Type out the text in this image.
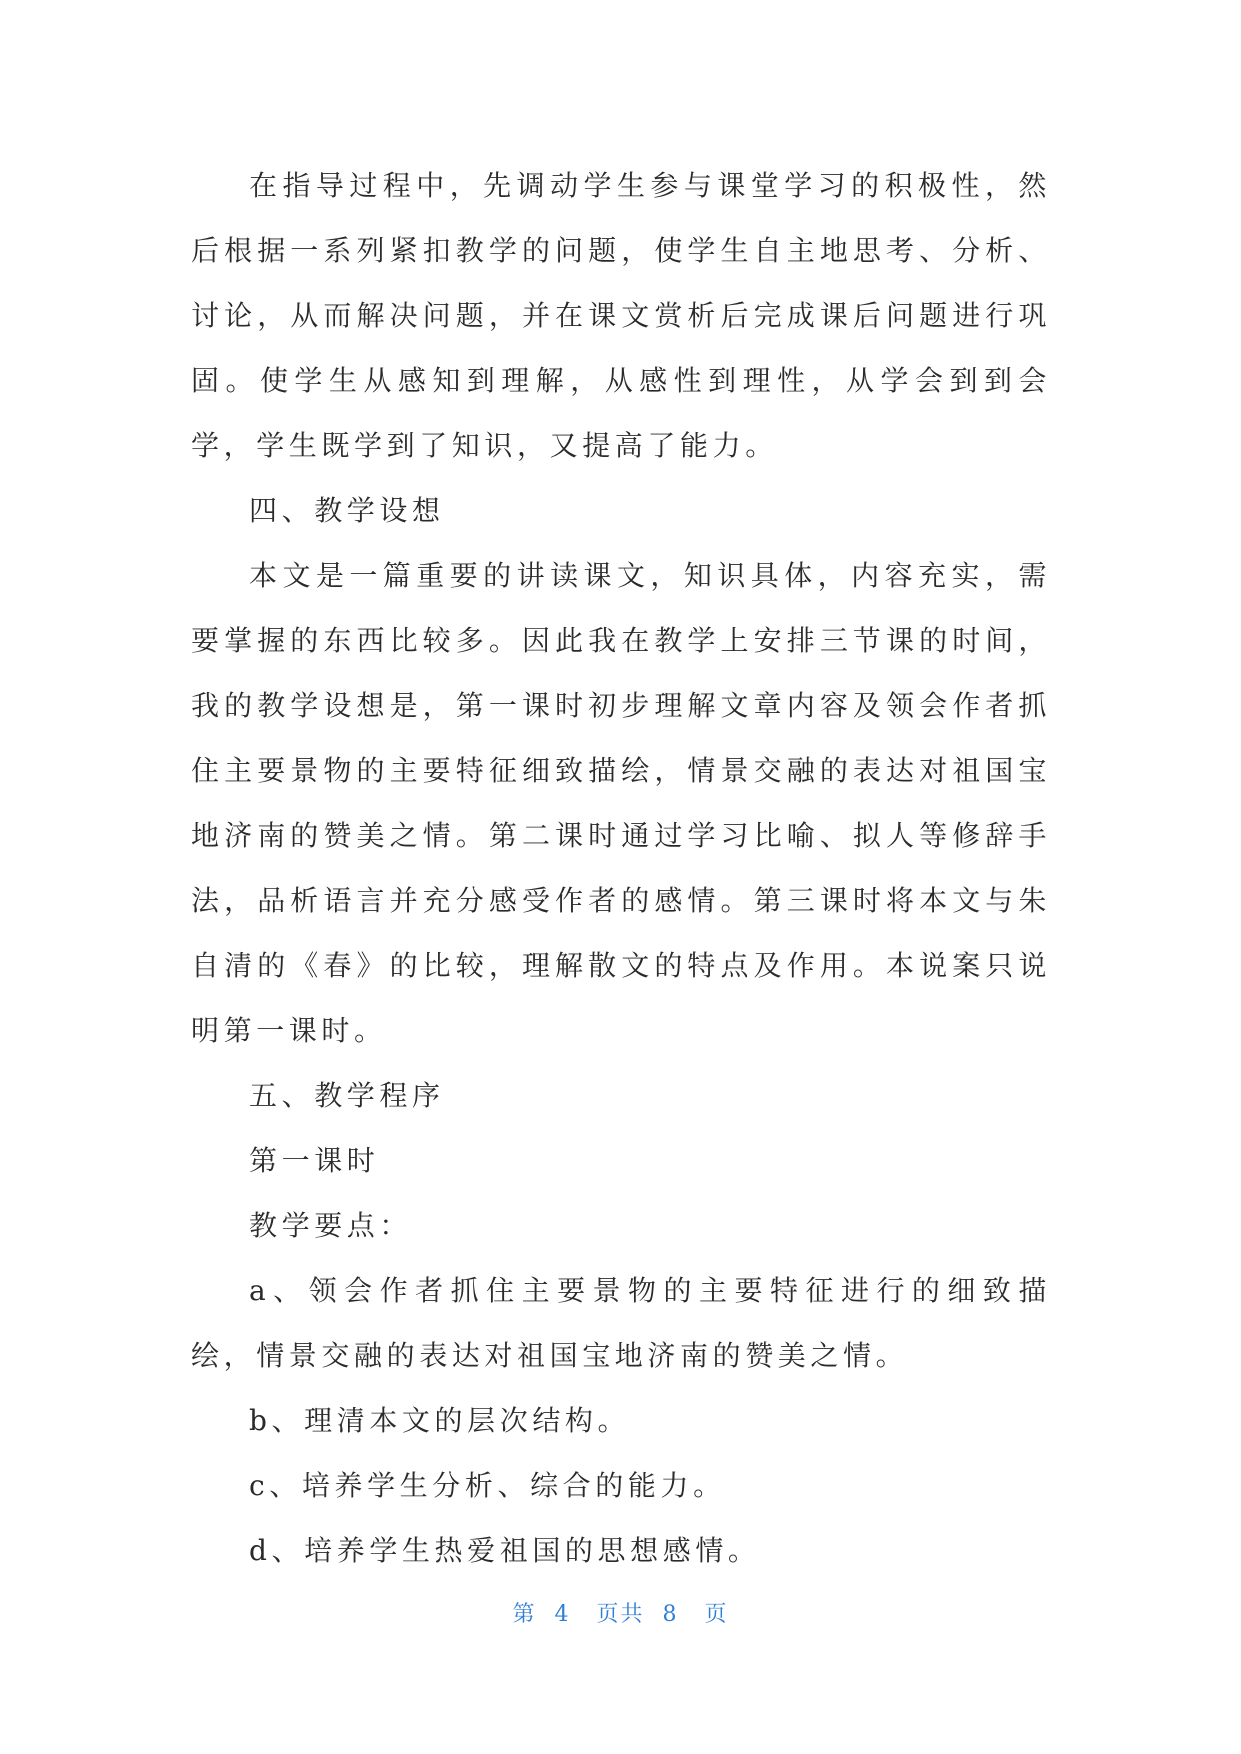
在指导过程中，先调动学生参与课堂学习的积极性，然后根据一系列紧扣教学的问题，使学生自主地思考、分析、讨论，从而解决问题，并在课文赏析后完成课后问题进行巩固。使学生从感知到理解，从感性到理性，从学会到到会学，学生既学到了知识，又提高了能力。

四、教学设想

本文是一篇重要的讲读课文，知识具体，内容充实，需要掌握的东西比较多。因此我在教学上安排三节课的时间，我的教学设想是，第一课时初步理解文章内容及领会作者抓住主要景物的主要特征细致描绘，情景交融的表达对祖国宝地济南的赞美之情。第二课时通过学习比喻、拟人等修辞手法，品析语言并充分感受作者的感情。第三课时将本文与朱自清的《春》的比较，理解散文的特点及作用。本说案只说明第一课时。

五、教学程序

第一课时

教学要点：

a、领会作者抓住主要景物的主要特征进行的细致描绘，情景交融的表达对祖国宝地济南的赞美之情。

b、理清本文的层次结构。

c、培养学生分析、综合的能力。

d、培养学生热爱祖国的思想感情。

第 4 页共 8 页
